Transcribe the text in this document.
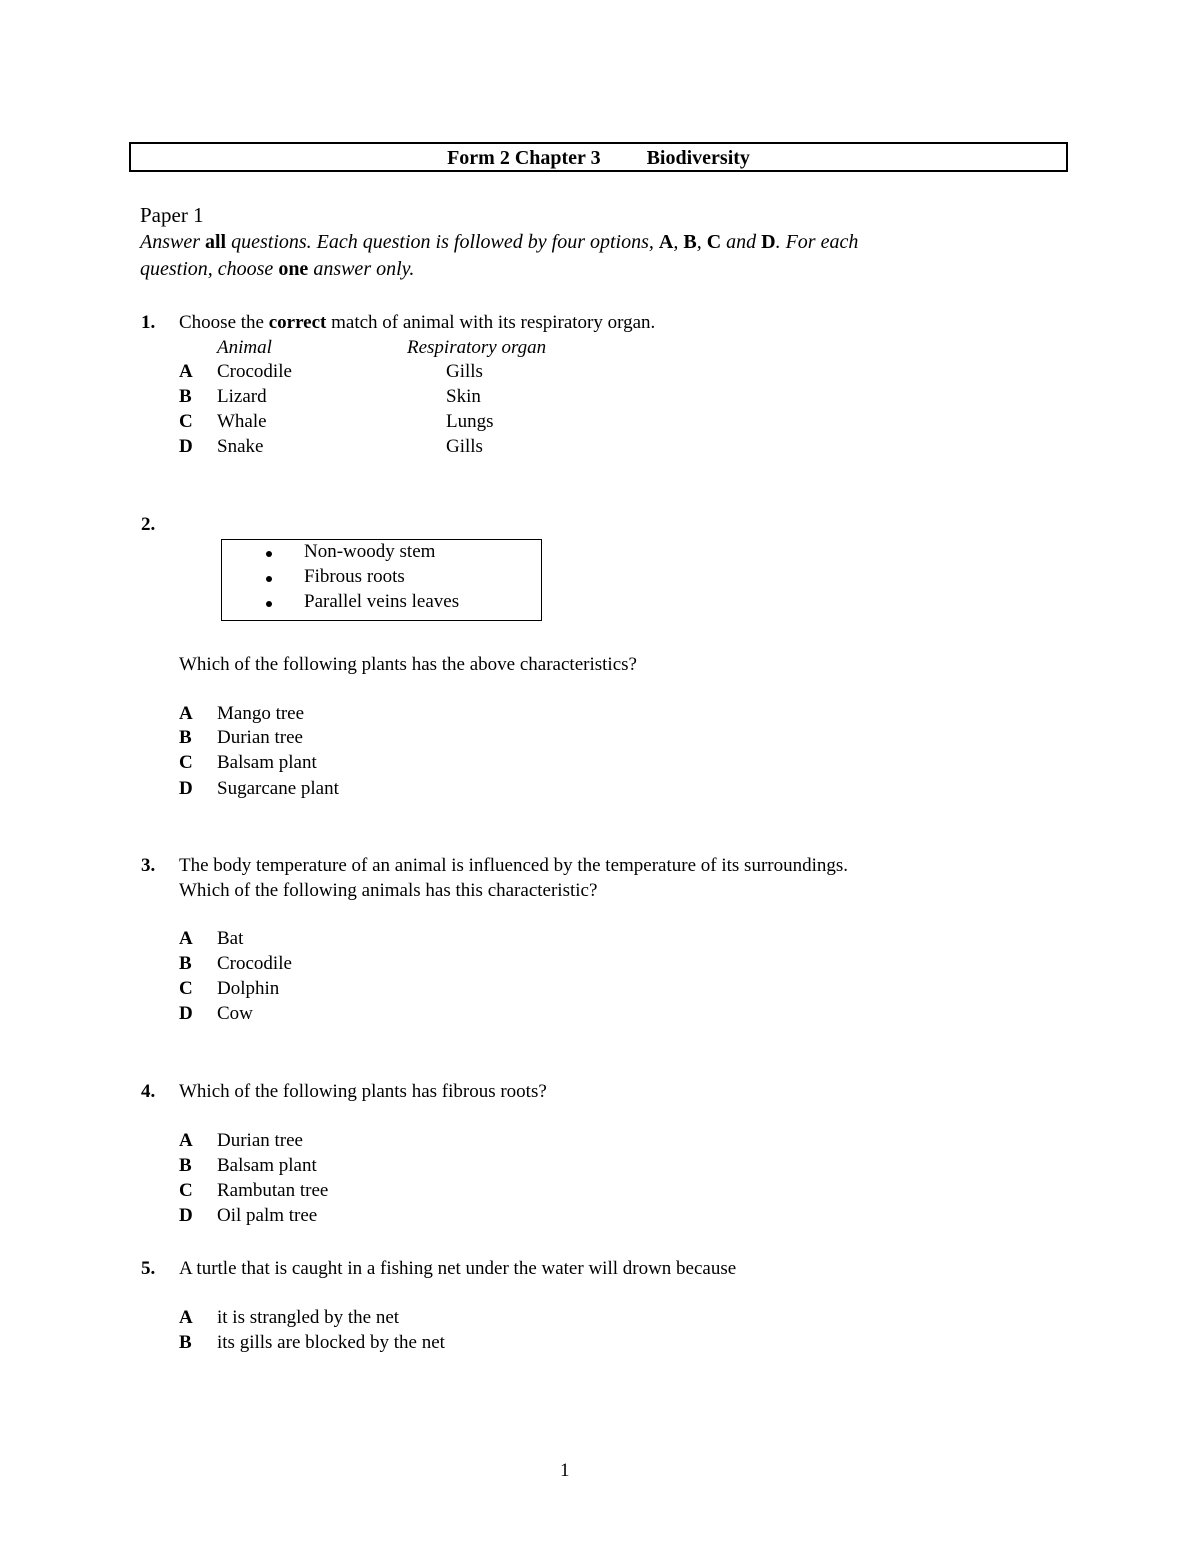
Form 2 Chapter 3 Biodiversity
Paper 1
Answer all questions. Each question is followed by four options, A, B, C and D. For each
question, choose one answer only.
1. Choose the correct match of animal with its respiratory organ.
Animal	Respiratory organ
A Crocodile	Gills
B Lizard	Skin
C Whale	Lungs
D Snake	Gills
2.
Non-woody stem
Fibrous roots
Parallel veins leaves
Which of the following plants has the above characteristics?
A Mango tree
B Durian tree
C Balsam plant
D Sugarcane plant
3. The body temperature of an animal is influenced by the temperature of its surroundings.
Which of the following animals has this characteristic?
A Bat
B Crocodile
C Dolphin
D Cow
4. Which of the following plants has fibrous roots?
A Durian tree
B Balsam plant
C Rambutan tree
D Oil palm tree
5. A turtle that is caught in a fishing net under the water will drown because
A it is strangled by the net
B its gills are blocked by the net
1
